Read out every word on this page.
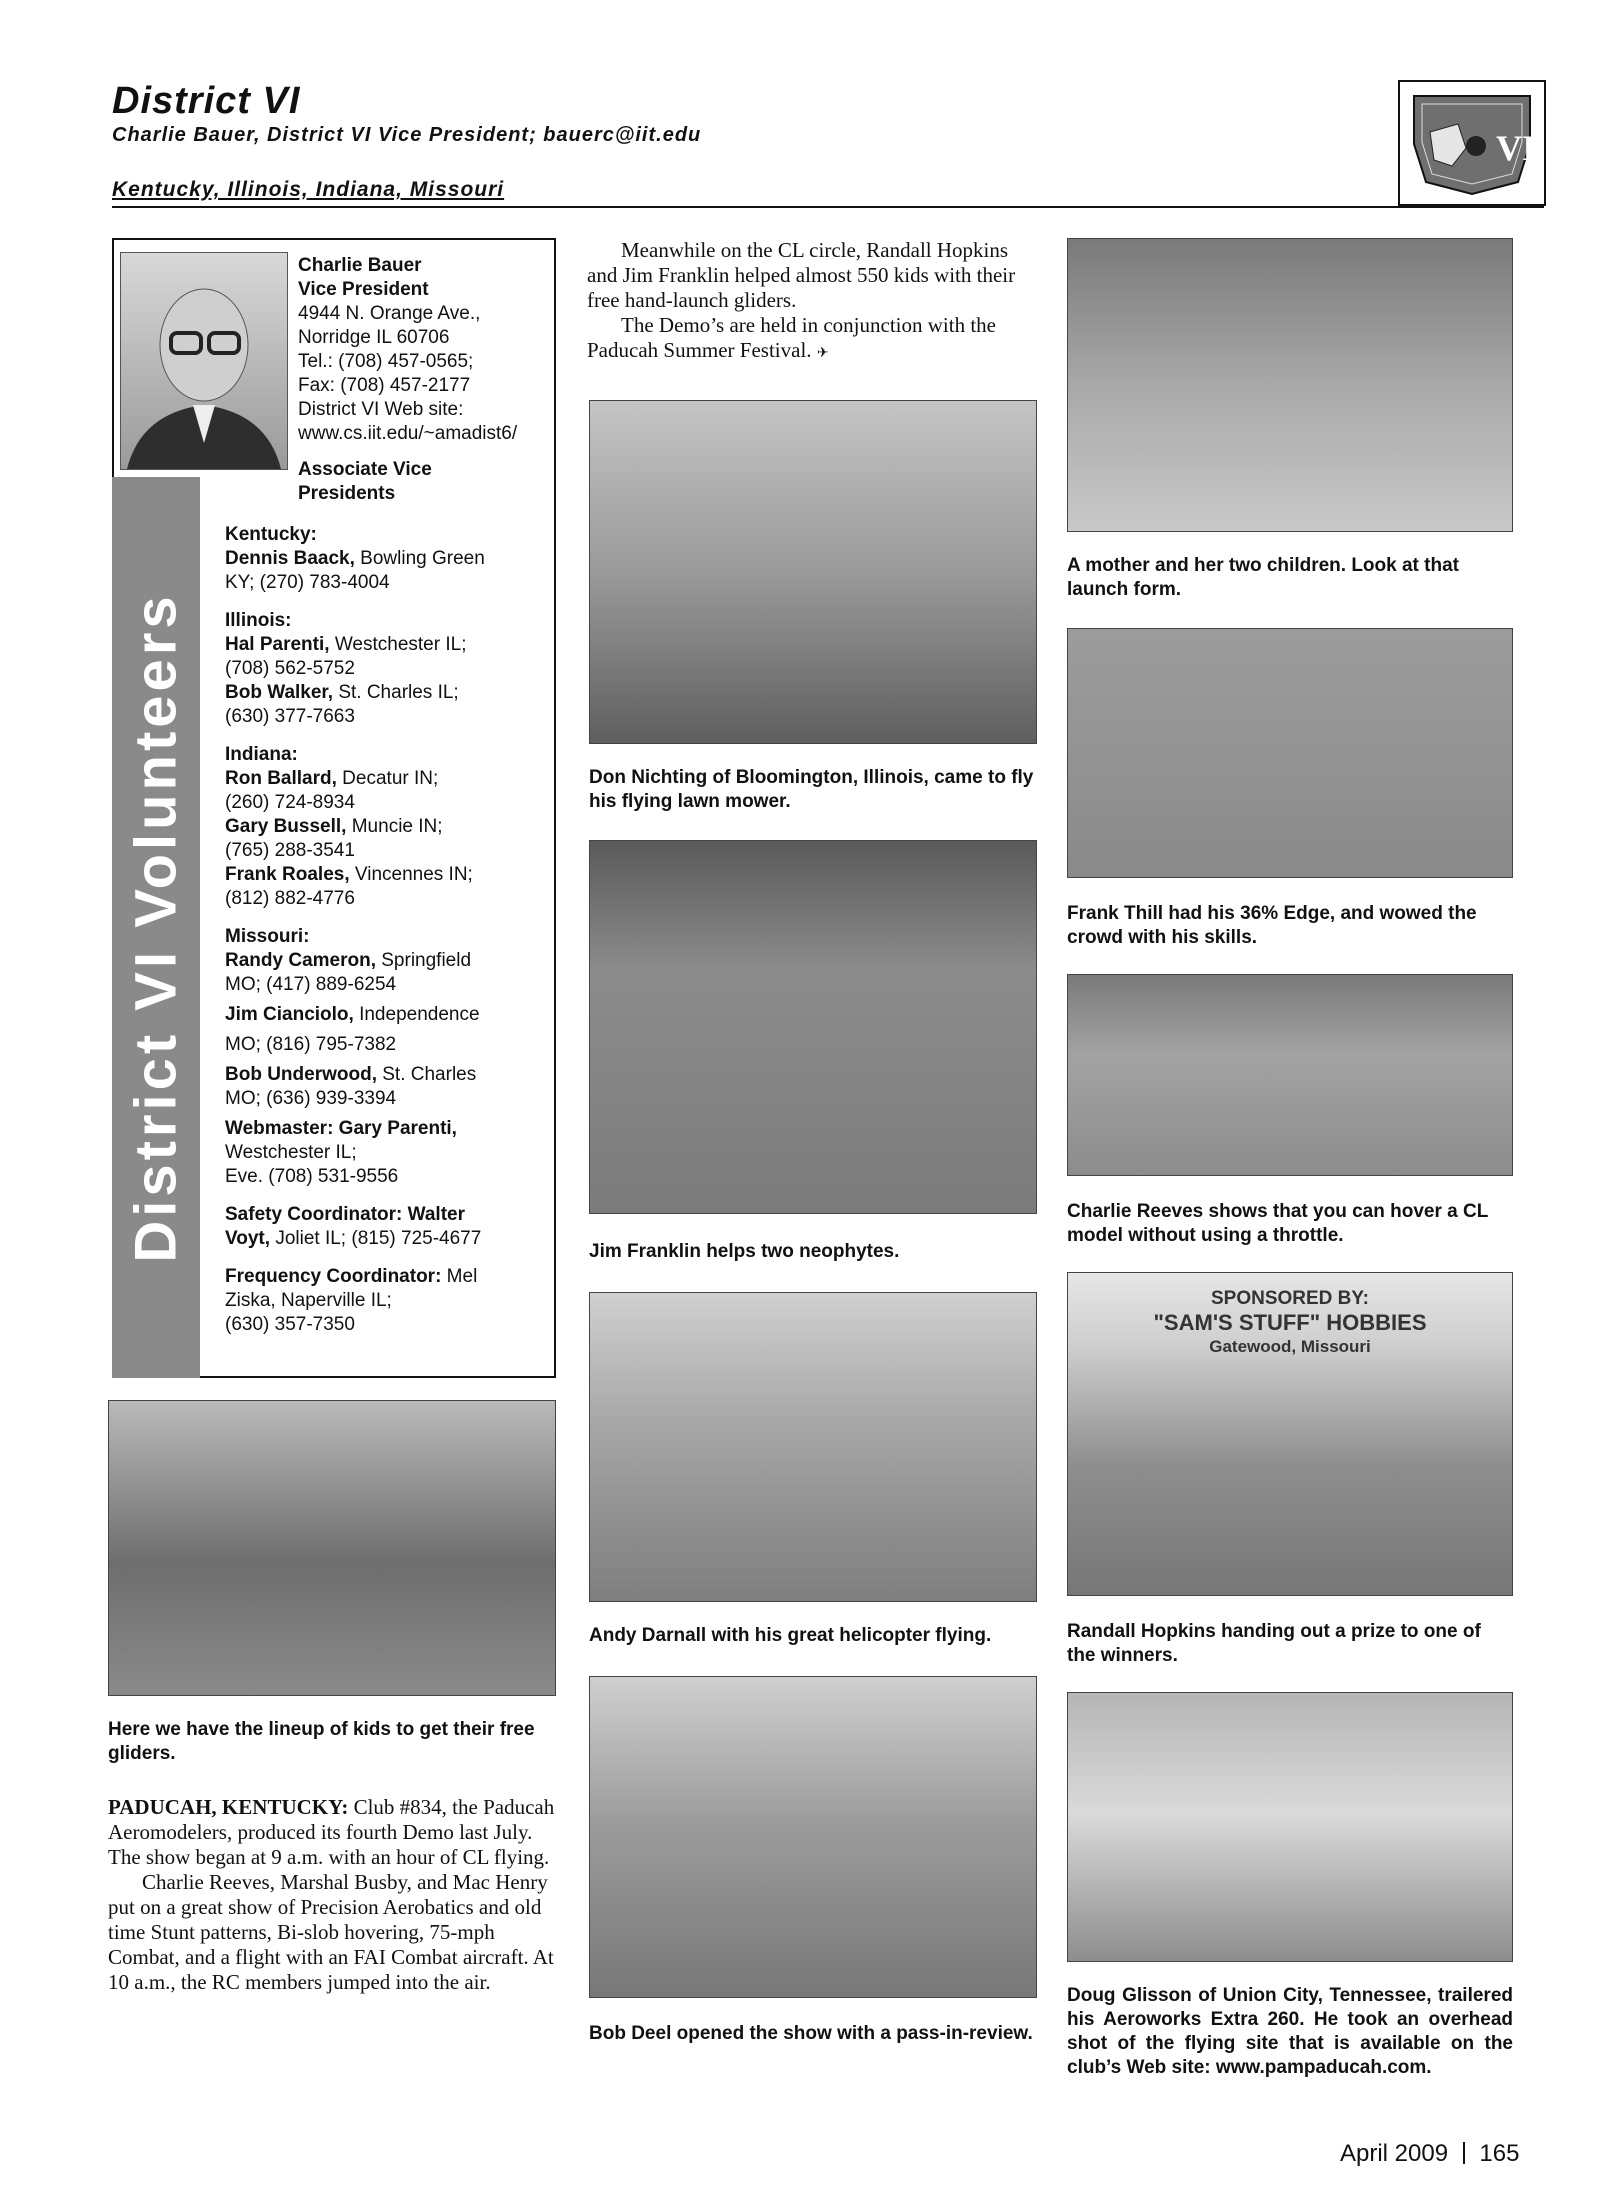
District VI
Charlie Bauer, District VI Vice President; bauerc@iit.edu
Kentucky, Illinois, Indiana, Missouri
VI
District VI Volunteers
Charlie Bauer
Vice President
4944 N. Orange Ave.,
Norridge IL 60706
Tel.: (708) 457-0565;
Fax: (708) 457-2177
District VI Web site:
www.cs.iit.edu/~amadist6/
Associate Vice
Presidents
Kentucky:
Dennis Baack, Bowling Green
KY; (270) 783-4004
Illinois:
Hal Parenti, Westchester IL;
(708) 562-5752
Bob Walker, St. Charles IL;
(630) 377-7663
Indiana:
Ron Ballard, Decatur IN;
(260) 724-8934
Gary Bussell, Muncie IN;
(765) 288-3541
Frank Roales, Vincennes IN;
(812) 882-4776
Missouri:
Randy Cameron, Springfield
MO; (417) 889-6254
Jim Cianciolo, Independence
MO; (816) 795-7382
Bob Underwood, St. Charles
MO; (636) 939-3394
Webmaster: Gary Parenti,
Westchester IL;
Eve. (708) 531-9556
Safety Coordinator: Walter
Voyt, Joliet IL; (815) 725-4677
Frequency Coordinator: Mel
Ziska, Naperville IL;
(630) 357-7350
Here we have the lineup of kids to get their free gliders.
PADUCAH, KENTUCKY: Club #834, the Paducah Aeromodelers, produced its fourth Demo last July. The show began at 9 a.m. with an hour of CL flying.
Charlie Reeves, Marshal Busby, and Mac Henry put on a great show of Precision Aerobatics and old time Stunt patterns, Bi-slob hovering, 75-mph Combat, and a flight with an FAI Combat aircraft. At 10 a.m., the RC members jumped into the air.
Meanwhile on the CL circle, Randall Hopkins and Jim Franklin helped almost 550 kids with their free hand-launch gliders.
The Demo’s are held in conjunction with the Paducah Summer Festival. ✈
Don Nichting of Bloomington, Illinois, came to fly his flying lawn mower.
Jim Franklin helps two neophytes.
Andy Darnall with his great helicopter flying.
Bob Deel opened the show with a pass-in-review.
A mother and her two children. Look at that launch form.
Frank Thill had his 36% Edge, and wowed the crowd with his skills.
Charlie Reeves shows that you can hover a CL model without using a throttle.
SPONSORED BY:
"SAM'S STUFF" HOBBIES
Gatewood, Missouri
Randall Hopkins handing out a prize to one of the winners.
Doug Glisson of Union City, Tennessee, trailered his Aeroworks Extra 260. He took an overhead shot of the flying site that is available on the club’s Web site: www.pampaducah.com.
April 2009 165
